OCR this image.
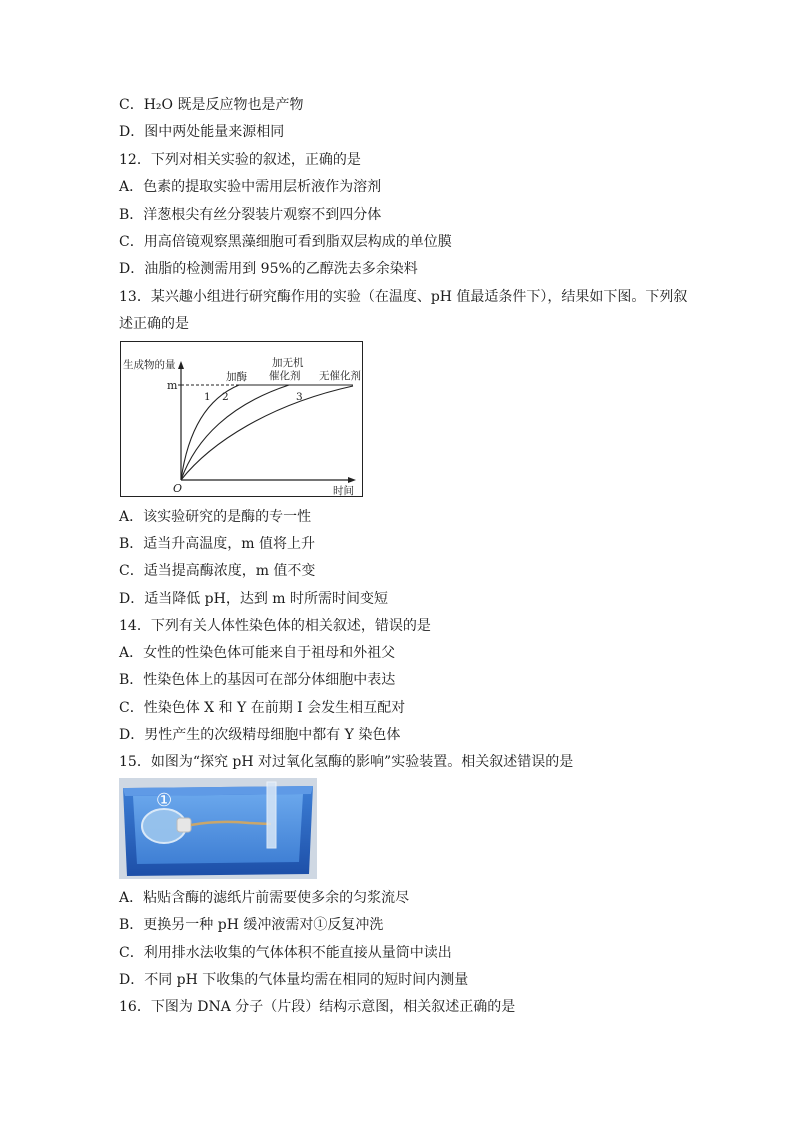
C．H₂O 既是反应物也是产物
D．图中两处能量来源相同
12．下列对相关实验的叙述，正确的是
A．色素的提取实验中需用层析液作为溶剂
B．洋葱根尖有丝分裂装片观察不到四分体
C．用高倍镜观察黑藻细胞可看到脂双层构成的单位膜
D．油脂的检测需用到 95%的乙醇洗去多余染料
13．某兴趣小组进行研究酶作用的实验（在温度、pH 值最适条件下），结果如下图。下列叙
述正确的是
A．该实验研究的是酶的专一性
B．适当升高温度，m 值将上升
C．适当提高酶浓度，m 值不变
D．适当降低 pH，达到 m 时所需时间变短
14．下列有关人体性染色体的相关叙述，错误的是
A．女性的性染色体可能来自于祖母和外祖父
B．性染色体上的基因可在部分体细胞中表达
C．性染色体 X 和 Y 在前期 I 会发生相互配对
D．男性产生的次级精母细胞中都有 Y 染色体
15．如图为“探究 pH 对过氧化氢酶的影响”实验装置。相关叙述错误的是
A．粘贴含酶的滤纸片前需要使多余的匀浆流尽
B．更换另一种 pH 缓冲液需对①反复冲洗
C．利用排水法收集的气体体积不能直接从量筒中读出
D．不同 pH 下收集的气体量均需在相同的短时间内测量
16．下图为 DNA 分子（片段）结构示意图，相关叙述正确的是
生成物的量
m
O	时间
加酶
加无机
催化剂 无催化剂
1 2	3
①
